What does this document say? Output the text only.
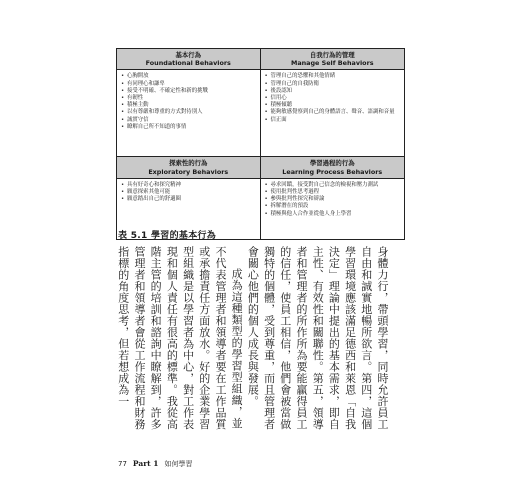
基本行為
Foundational Behaviors
• 心胸開放
• 有同理心和謙卑
• 接受不明確、不確定性和新的挑戰
• 有韌性
• 積極主動
• 以有尊嚴和尊重的方式對待別人
• 誠實守信
• 瞭解自己所不知道的事情
自我行為的管理
Manage Self Behaviors
• 管理自己的恐懼和其他情緒
• 管理自己的自我防衛
• 後設認知
• 信用心
• 積極傾聽
• 能夠敏感覺察到自己的身體語言、聲音、語調和音量
• 信正面
探索性的行為
Exploratory Behaviors
• 具有好奇心和探究精神
• 願意探索其他可能
• 願意踏出自己的舒適圈
學習過程的行為
Learning Process Behaviors
• 尋求回饋，接受對自己信念的檢視和壓力測試
• 使用批判性思考過程
• 參與批判性探究和辯論
• 拆解潛在的預設
• 積極與他人合作並從他人身上學習
表 5.1 學習的基本行為

身體力行，帶頭學習，同時允許員工自由和誠實地暢所欲言。第四，這個學習環境應該滿足德西和萊恩「自我決定」理論中提出的基本需求，即自主性、有效性和關聯性。第五，領導者和管理者的所作所為要能贏得員工的信任，使員工相信，他們會被當做獨特的個體，受到尊重，而且管理者會關心他們的個人成長與發展。

成為這種類型的學習型組織，並不代表管理者和領導者要在工作品質或承擔責任方面放水。好的企業學習型組織是以學習者為中心，對工作表現和個人責任有很高的標準。我從高階主管的培訓和諮詢中瞭解到，許多管理者和領導者會從工作流程和財務指標的角度思考，但若想成為一

77 Part 1 如何學習
